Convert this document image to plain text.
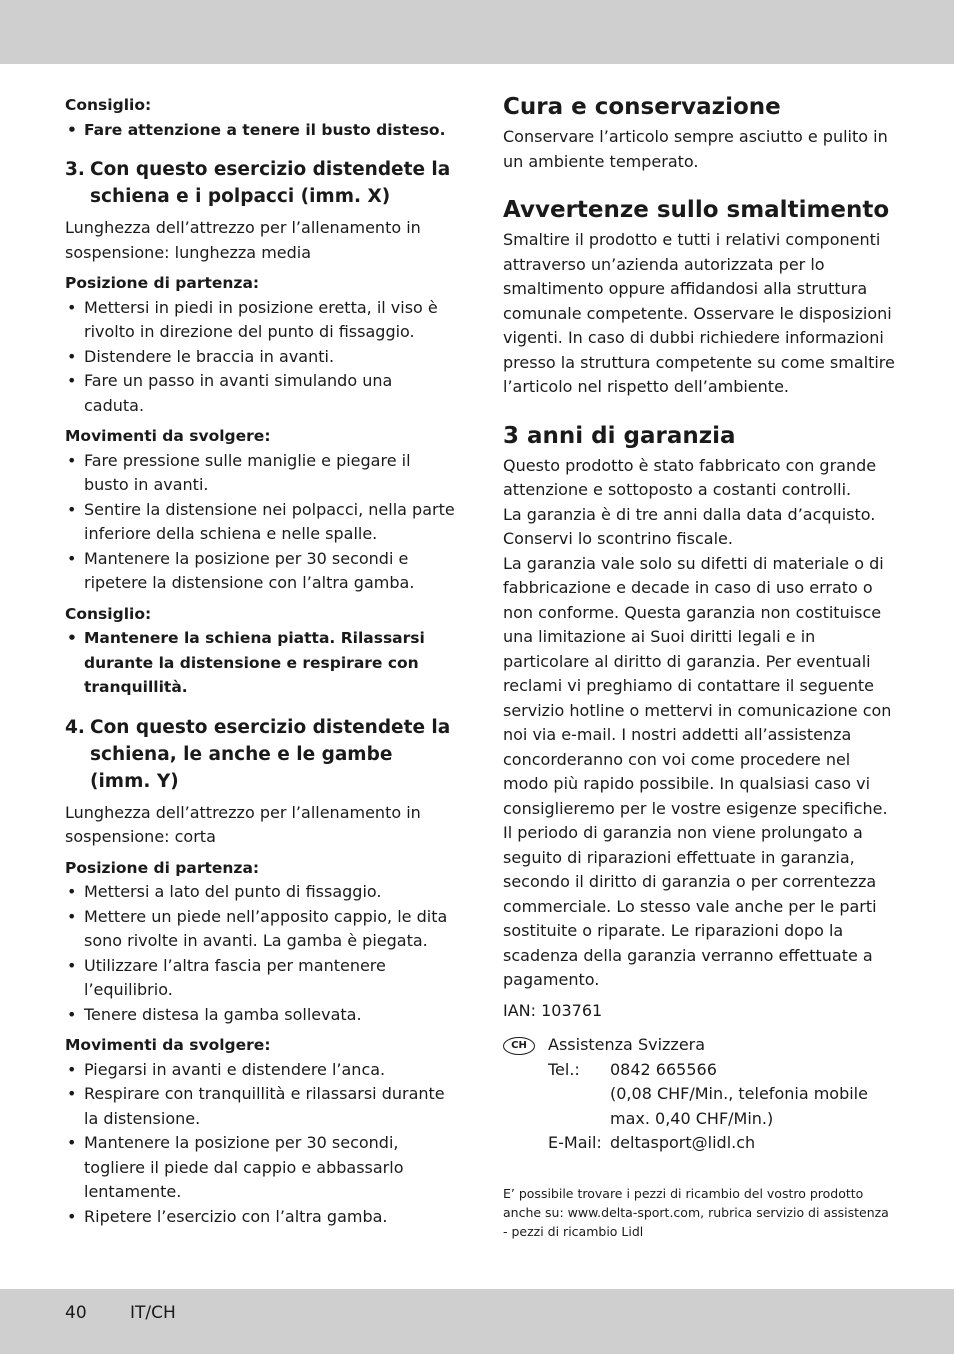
Consiglio:
• Fare attenzione a tenere il busto disteso.
3. Con questo esercizio distendete la schiena e i polpacci (imm. X)

Lunghezza dell’attrezzo per l’allenamento in sospensione: lunghezza media

Posizione di partenza:
• Mettersi in piedi in posizione eretta, il viso è rivolto in direzione del punto di fissaggio.
• Distendere le braccia in avanti.
• Fare un passo in avanti simulando una caduta.
Movimenti da svolgere:
• Fare pressione sulle maniglie e piegare il busto in avanti.
• Sentire la distensione nei polpacci, nella parte inferiore della schiena e nelle spalle.
• Mantenere la posizione per 30 secondi e ripetere la distensione con l’altra gamba.
Consiglio:
• Mantenere la schiena piatta. Rilassarsi durante la distensione e respirare con tranquillità.
4. Con questo esercizio distendete la schiena, le anche e le gambe (imm. Y)

Lunghezza dell’attrezzo per l’allenamento in sospensione: corta

Posizione di partenza:
• Mettersi a lato del punto di fissaggio.
• Mettere un piede nell’apposito cappio, le dita sono rivolte in avanti. La gamba è piegata.
• Utilizzare l’altra fascia per mantenere l’equilibrio.
• Tenere distesa la gamba sollevata.
Movimenti da svolgere:
• Piegarsi in avanti e distendere l’anca.
• Respirare con tranquillità e rilassarsi durante la distensione.
• Mantenere la posizione per 30 secondi, togliere il piede dal cappio e abbassarlo lentamente.
• Ripetere l’esercizio con l’altra gamba.
Cura e conservazione

Conservare l’articolo sempre asciutto e pulito in un ambiente temperato.

Avvertenze sullo smaltimento

Smaltire il prodotto e tutti i relativi componenti attraverso un’azienda autorizzata per lo smaltimento oppure affidandosi alla struttura comunale competente. Osservare le disposizioni vigenti. In caso di dubbi richiedere informazioni presso la struttura competente su come smaltire l’articolo nel rispetto dell’ambiente.

3 anni di garanzia

Questo prodotto è stato fabbricato con grande attenzione e sottoposto a costanti controlli.

La garanzia è di tre anni dalla data d’acquisto. Conservi lo scontrino fiscale.

La garanzia vale solo su difetti di materiale o di fabbricazione e decade in caso di uso errato o non conforme. Questa garanzia non costituisce una limitazione ai Suoi diritti legali e in particolare al diritto di garanzia. Per eventuali reclami vi preghiamo di contattare il seguente servizio hotline o mettervi in comunicazione con noi via e-mail. I nostri addetti all’assistenza concorderanno con voi come procedere nel modo più rapido possibile. In qualsiasi caso vi consiglieremo per le vostre esigenze specifiche.

Il periodo di garanzia non viene prolungato a seguito di riparazioni effettuate in garanzia, secondo il diritto di garanzia o per correntezza commerciale. Lo stesso vale anche per le parti sostituite o riparate. Le riparazioni dopo la scadenza della garanzia verranno effettuate a pagamento.

IAN: 103761

CH	Assistenza Svizzera
Tel.:	0842 665566
(0,08 CHF/Min., telefonia mobile
max. 0,40 CHF/Min.)
E-Mail: deltasport@lidl.ch

E’ possibile trovare i pezzi di ricambio del vostro prodotto anche su: www.delta-sport.com, rubrica servizio di assistenza - pezzi di ricambio Lidl

40	IT/CH
